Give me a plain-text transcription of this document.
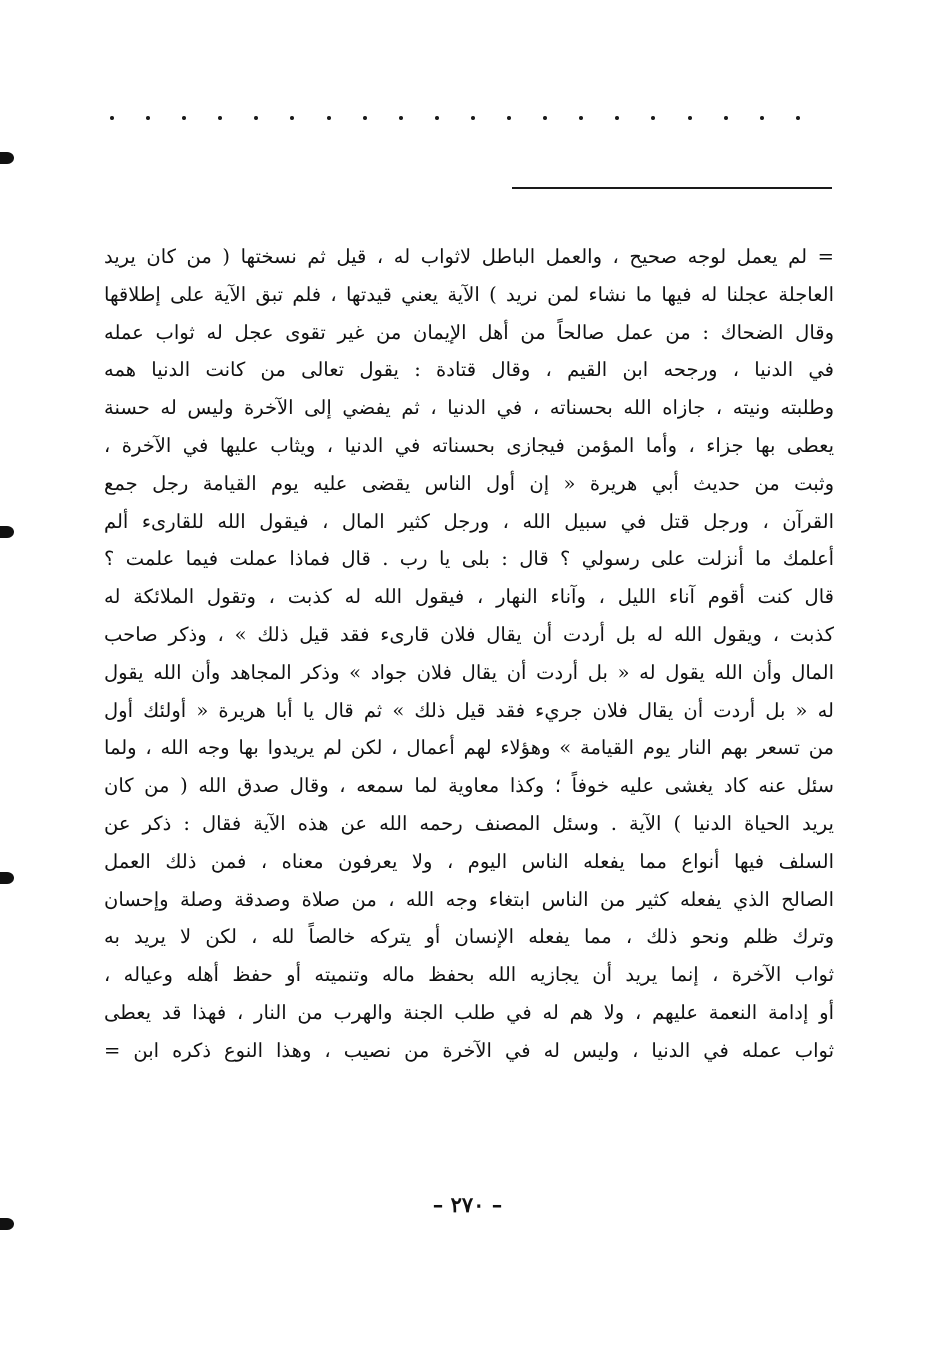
= لم يعمل لوجه صحيح ، والعمل الباطل لاثواب له ، قيل ثم نسختها ( من كان يريد
العاجلة عجلنا له فيها ما نشاء لمن نريد ) الآية يعني قيدتها ، فلم تبق الآية على إطلاقها
وقال الضحاك : من عمل صالحاً من أهل الإيمان من غير تقوى عجل له ثواب عمله
في الدنيا ، ورجحه ابن القيم ، وقال قتادة : يقول تعالى من كانت الدنيا همه
وطلبته ونيته ، جازاه الله بحسناته ، في الدنيا ، ثم يفضي إلى الآخرة وليس له حسنة
يعطى بها جزاء ، وأما المؤمن فيجازى بحسناته في الدنيا ، ويثاب عليها في الآخرة ،
وثبت من حديث أبي هريرة « إن أول الناس يقضى عليه يوم القيامة رجل جمع
القرآن ، ورجل قتل في سبيل الله ، ورجل كثير المال ، فيقول الله للقارىء ألم
أعلمك ما أنزلت على رسولي ؟ قال : بلى يا رب . قال فماذا عملت فيما علمت ؟
قال كنت أقوم آناء الليل ، وآناء النهار ، فيقول الله له كذبت ، وتقول الملائكة له
كذبت ، ويقول الله له بل أردت أن يقال فلان قارىء فقد قيل ذلك » ، وذكر صاحب
المال وأن الله يقول له « بل أردت أن يقال فلان جواد » وذكر المجاهد وأن الله يقول
له « بل أردت أن يقال فلان جريء فقد قيل ذلك » ثم قال يا أبا هريرة « أولئك أول
من تسعر بهم النار يوم القيامة » وهؤلاء لهم أعمال ، لكن لم يريدوا بها وجه الله ، ولما
سئل عنه كاد يغشى عليه خوفاً ؛ وكذا معاوية لما سمعه ، وقال صدق الله ( من كان
يريد الحياة الدنيا ) الآية . وسئل المصنف رحمه الله عن هذه الآية فقال : ذكر عن
السلف فيها أنواع مما يفعله الناس اليوم ، ولا يعرفون معناه ، فمن ذلك العمل
الصالح الذي يفعله كثير من الناس ابتغاء وجه الله ، من صلاة وصدقة وصلة وإحسان
وترك ظلم ونحو ذلك ، مما يفعله الإنسان أو يتركه خالصاً لله ، لكن لا يريد به
ثواب الآخرة ، إنما يريد أن يجازيه الله بحفظ ماله وتنميته أو حفظ أهله وعياله ،
أو إدامة النعمة عليهم ، ولا هم له في طلب الجنة والهرب من النار ، فهذا قد يعطى
ثواب عمله في الدنيا ، وليس له في الآخرة من نصيب ، وهذا النوع ذكره ابن =
– ٢٧٠ –
